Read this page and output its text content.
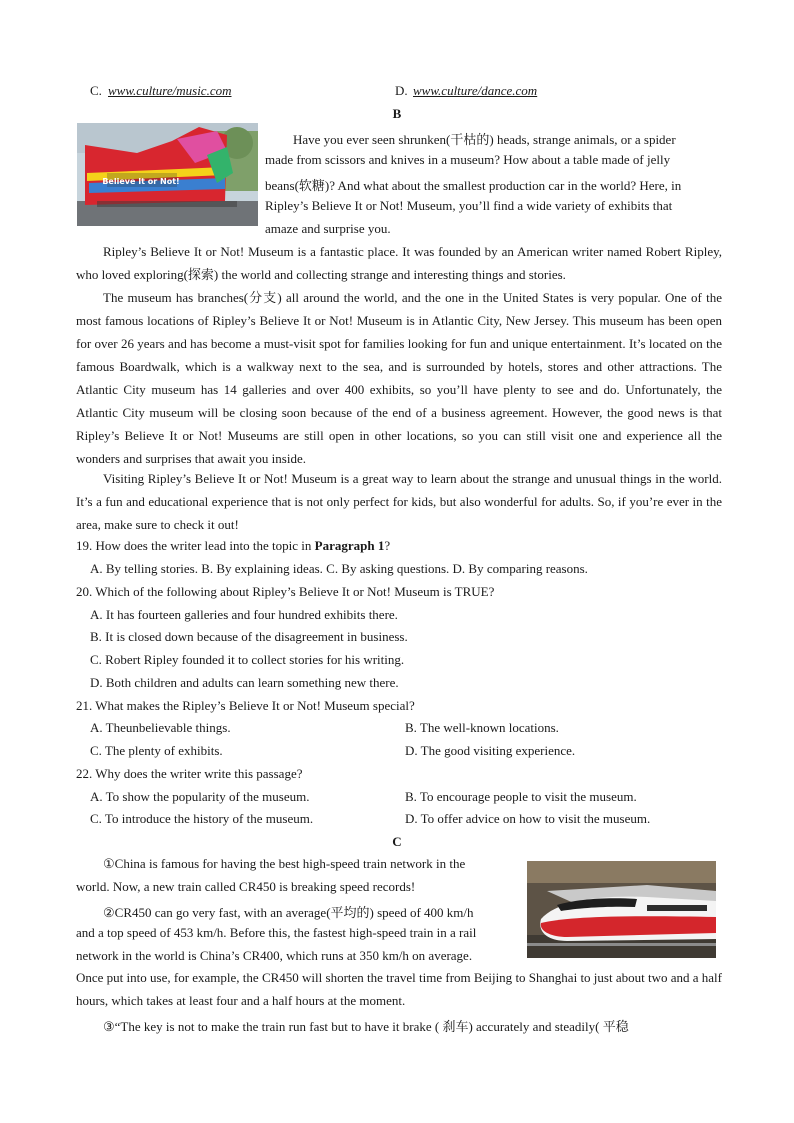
C. www.culture/music.com	D. www.culture/dance.com
B
Believe It or Not!
Have you ever seen shrunken(干枯的) heads, strange animals, or a spider
made from scissors and knives in a museum? How about a table made of jelly
beans(软糖)? And what about the smallest production car in the world? Here, in
Ripley’s Believe It or Not! Museum, you’ll find a wide variety of exhibits that
amaze and surprise you.
Ripley’s Believe It or Not! Museum is a fantastic place. It was founded by an American writer named Robert Ripley, who loved exploring(探索) the world and collecting strange and interesting things and stories.
The museum has branches(分支) all around the world, and the one in the United States is very popular. One of the most famous locations of Ripley’s Believe It or Not! Museum is in Atlantic City, New Jersey. This museum has been open for over 26 years and has become a must-visit spot for families looking for fun and unique entertainment. It’s located on the famous Boardwalk, which is a walkway next to the sea, and is surrounded by hotels, stores and other attractions. The Atlantic City museum has 14 galleries and over 400 exhibits, so you’ll have plenty to see and do. Unfortunately, the Atlantic City museum will be closing soon because of the end of a business agreement. However, the good news is that Ripley’s Believe It or Not! Museums are still open in other locations, so you can still visit one and experience all the wonders and surprises that await you inside.
Visiting Ripley’s Believe It or Not! Museum is a great way to learn about the strange and unusual things in the world. It’s a fun and educational experience that is not only perfect for kids, but also wonderful for adults. So, if you’re ever in the area, make sure to check it out!
19. How does the writer lead into the topic in Paragraph 1?
A. By telling stories. B. By explaining ideas. C. By asking questions. D. By comparing reasons.
20. Which of the following about Ripley’s Believe It or Not! Museum is TRUE?
A. It has fourteen galleries and four hundred exhibits there.
B. It is closed down because of the disagreement in business.
C. Robert Ripley founded it to collect stories for his writing.
D. Both children and adults can learn something new there.
21. What makes the Ripley’s Believe It or Not! Museum special?
A. Theunbelievable things.	B. The well-known locations.
C. The plenty of exhibits.	D. The good visiting experience.
22. Why does the writer write this passage?
A. To show the popularity of the museum.	B. To encourage people to visit the museum.
C. To introduce the history of the museum.	D. To offer advice on how to visit the museum.
C
①China is famous for having the best high-speed train network in the
world. Now, a new train called CR450 is breaking speed records!
②CR450 can go very fast, with an average(平均的) speed of 400 km/h
and a top speed of 453 km/h. Before this, the fastest high-speed train in a rail
network in the world is China’s CR400, which runs at 350 km/h on average.
Once put into use, for example, the CR450 will shorten the travel time from Beijing to Shanghai to just about two and a half hours, which takes at least four and a half hours at the moment.
③“The key is not to make the train run fast but to have it brake ( 刹车) accurately and steadily( 平稳
